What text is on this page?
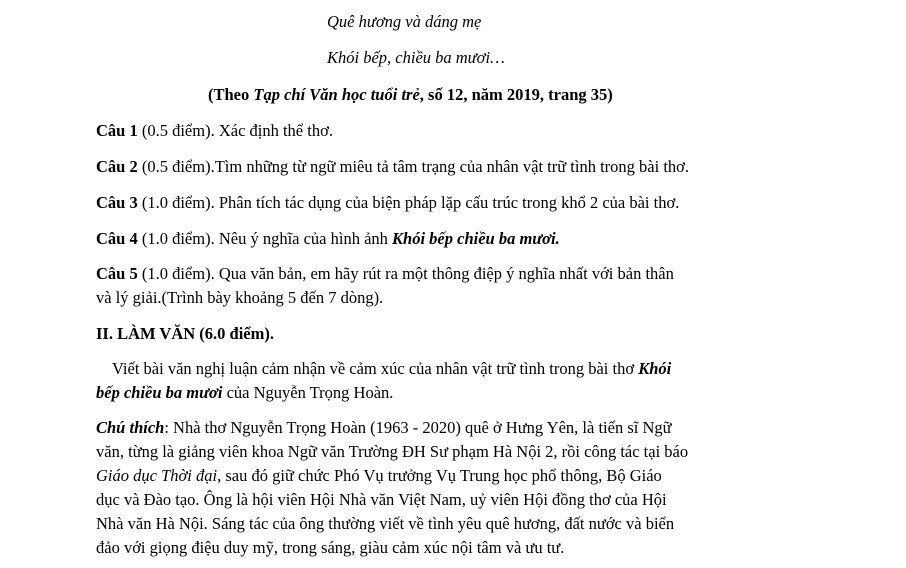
Quê hương và dáng mẹ
Khói bếp, chiều ba mươi…
(Theo Tạp chí Văn học tuổi trẻ, số 12, năm 2019, trang 35)
Câu 1 (0.5 điểm). Xác định thể thơ.
Câu 2 (0.5 điểm).Tìm những từ ngữ miêu tả tâm trạng của nhân vật trữ tình trong bài thơ.
Câu 3 (1.0 điểm). Phân tích tác dụng của biện pháp lặp cấu trúc trong khổ 2 của bài thơ.
Câu 4 (1.0 điểm). Nêu ý nghĩa của hình ảnh Khói bếp chiều ba mươi.
Câu 5 (1.0 điểm). Qua văn bản, em hãy rút ra một thông điệp ý nghĩa nhất với bản thân
và lý giải.(Trình bày khoảng 5 đến 7 dòng).
II. LÀM VĂN (6.0 điểm).
Viết bài văn nghị luận cảm nhận về cảm xúc của nhân vật trữ tình trong bài thơ Khói
bếp chiều ba mươi của Nguyễn Trọng Hoàn.
Chú thích: Nhà thơ Nguyễn Trọng Hoàn (1963 - 2020) quê ở Hưng Yên, là tiến sĩ Ngữ
văn, từng là giảng viên khoa Ngữ văn Trường ĐH Sư phạm Hà Nội 2, rồi công tác tại báo
Giáo dục Thời đại, sau đó giữ chức Phó Vụ trưởng Vụ Trung học phổ thông, Bộ Giáo
dục và Đào tạo. Ông là hội viên Hội Nhà văn Việt Nam, uỷ viên Hội đồng thơ của Hội
Nhà văn Hà Nội. Sáng tác của ông thường viết về tình yêu quê hương, đất nước và biển
đảo với giọng điệu duy mỹ, trong sáng, giàu cảm xúc nội tâm và ưu tư.
